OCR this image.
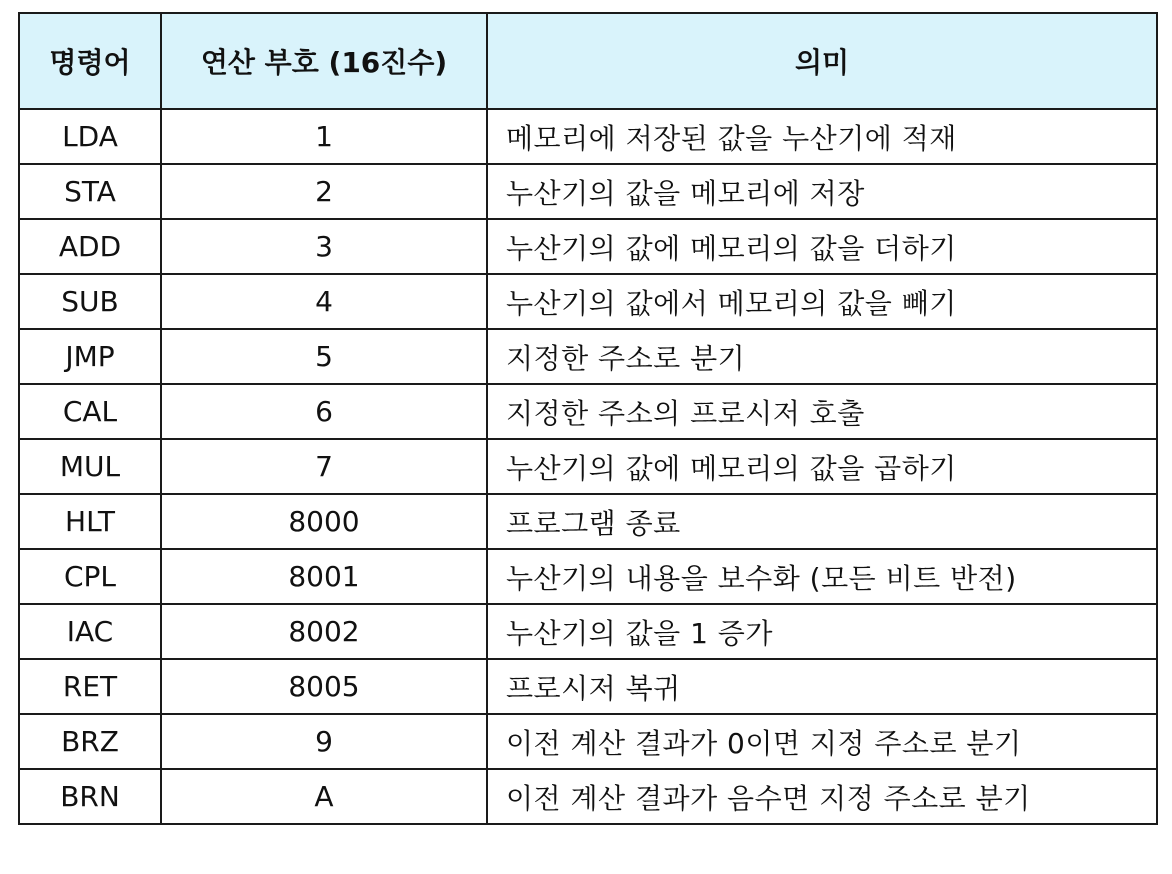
명령어	연산 부호 (16진수)	의미
LDA	1	메모리에 저장된 값을 누산기에 적재
STA	2	누산기의 값을 메모리에 저장
ADD	3	누산기의 값에 메모리의 값을 더하기
SUB	4	누산기의 값에서 메모리의 값을 빼기
JMP	5	지정한 주소로 분기
CAL	6	지정한 주소의 프로시저 호출
MUL	7	누산기의 값에 메모리의 값을 곱하기
HLT	8000	프로그램 종료
CPL	8001	누산기의 내용을 보수화 (모든 비트 반전)
IAC	8002	누산기의 값을 1 증가
RET	8005	프로시저 복귀
BRZ	9	이전 계산 결과가 0이면 지정 주소로 분기
BRN	A	이전 계산 결과가 음수면 지정 주소로 분기
